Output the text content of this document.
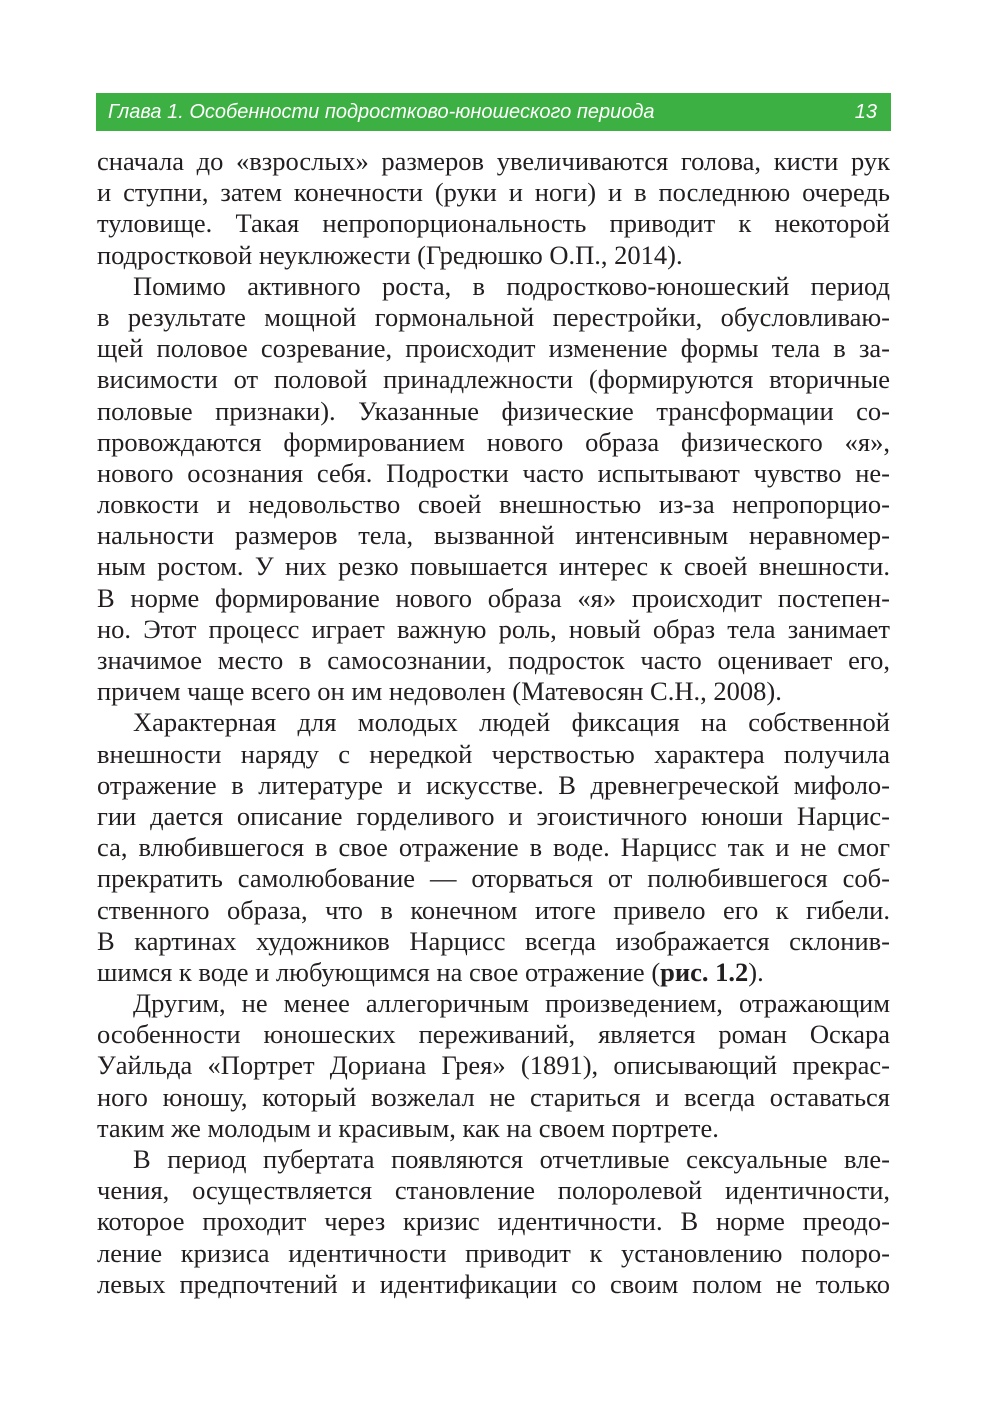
Глава 1. Особенности подростково-юношеского периода	13

сначала до «взрослых» размеров увеличиваются голова, кисти рук
и ступни, затем конечности (руки и ноги) и в последнюю очередь
туловище. Такая непропорциональность приводит к некоторой
подростковой неуклюжести (Гредюшко О.П., 2014).

Помимо активного роста, в подростково-юношеский период
в результате мощной гормональной перестройки, обусловливаю-
щей половое созревание, происходит изменение формы тела в за-
висимости от половой принадлежности (формируются вторичные
половые признаки). Указанные физические трансформации со-
провождаются формированием нового образа физического «я»,
нового осознания себя. Подростки часто испытывают чувство не-
ловкости и недовольство своей внешностью из-за непропорцио-
нальности размеров тела, вызванной интенсивным неравномер-
ным ростом. У них резко повышается интерес к своей внешности.
В норме формирование нового образа «я» происходит постепен-
но. Этот процесс играет важную роль, новый образ тела занимает
значимое место в самосознании, подросток часто оценивает его,
причем чаще всего он им недоволен (Матевосян С.Н., 2008).

Характерная для молодых людей фиксация на собственной
внешности наряду с нередкой черствостью характера получила
отражение в литературе и искусстве. В древнегреческой мифоло-
гии дается описание горделивого и эгоистичного юноши Нарцис-
са, влюбившегося в свое отражение в воде. Нарцисс так и не смог
прекратить самолюбование — оторваться от полюбившегося соб-
ственного образа, что в конечном итоге привело его к гибели.
В картинах художников Нарцисс всегда изображается склонив-
шимся к воде и любующимся на свое отражение (рис. 1.2).

Другим, не менее аллегоричным произведением, отражающим
особенности юношеских переживаний, является роман Оскара
Уайльда «Портрет Дориана Грея» (1891), описывающий прекрас-
ного юношу, который возжелал не стариться и всегда оставаться
таким же молодым и красивым, как на своем портрете.

В период пубертата появляются отчетливые сексуальные вле-
чения, осуществляется становление полоролевой идентичности,
которое проходит через кризис идентичности. В норме преодо-
ление кризиса идентичности приводит к установлению полоро-
левых предпочтений и идентификации со своим полом не только
